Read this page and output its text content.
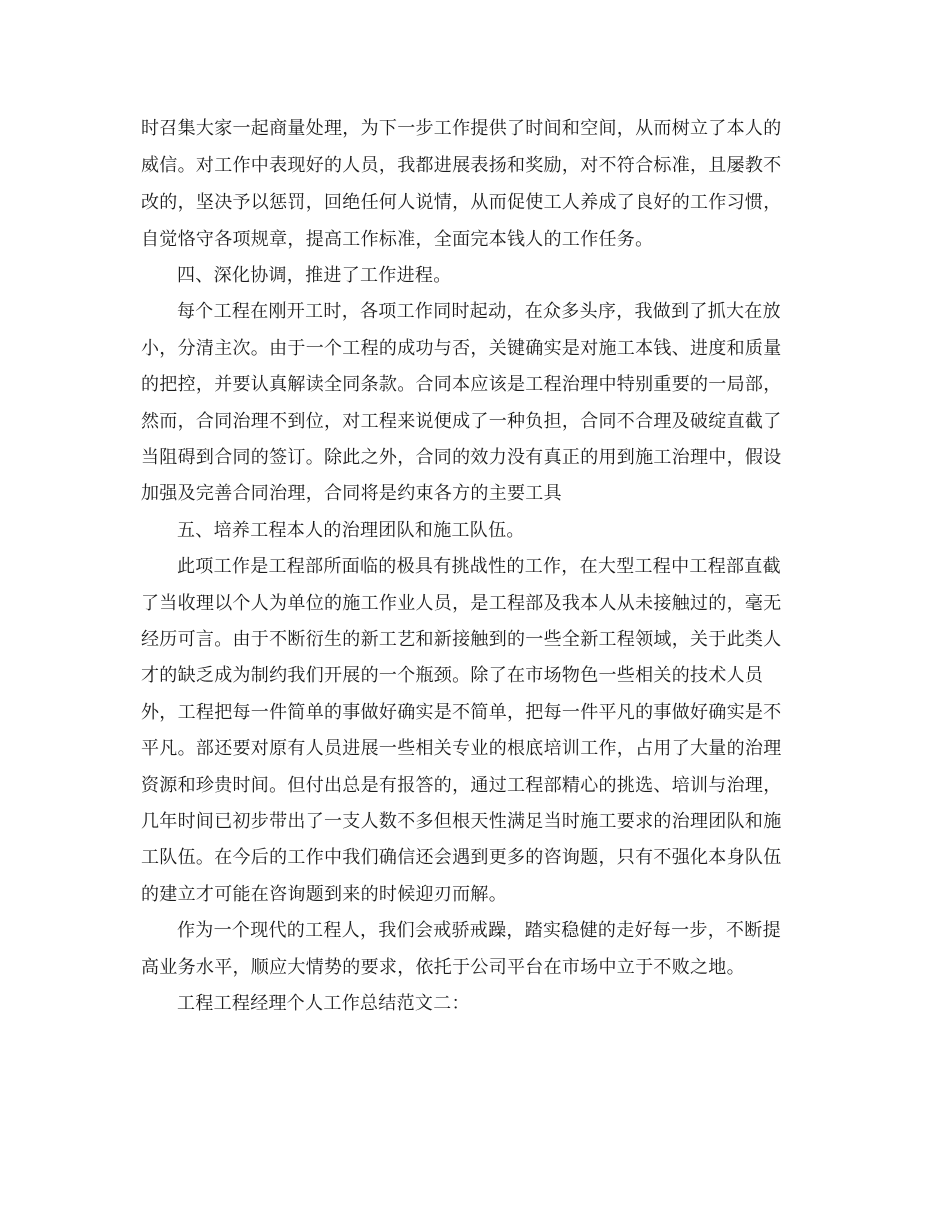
时召集大家一起商量处理，为下一步工作提供了时间和空间，从而树立了本人的

威信。对工作中表现好的人员，我都进展表扬和奖励，对不符合标准，且屡教不

改的，坚决予以惩罚，回绝任何人说情，从而促使工人养成了良好的工作习惯，

自觉恪守各项规章，提高工作标准，全面完本钱人的工作任务。

四、深化协调，推进了工作进程。

每个工程在刚开工时，各项工作同时起动，在众多头序，我做到了抓大在放

小，分清主次。由于一个工程的成功与否，关键确实是对施工本钱、进度和质量

的把控，并要认真解读全同条款。合同本应该是工程治理中特别重要的一局部，

然而，合同治理不到位，对工程来说便成了一种负担，合同不合理及破绽直截了

当阻碍到合同的签订。除此之外，合同的效力没有真正的用到施工治理中，假设

加强及完善合同治理，合同将是约束各方的主要工具

五、培养工程本人的治理团队和施工队伍。

此项工作是工程部所面临的极具有挑战性的工作，在大型工程中工程部直截

了当收理以个人为单位的施工作业人员，是工程部及我本人从未接触过的，毫无

经历可言。由于不断衍生的新工艺和新接触到的一些全新工程领域，关于此类人

才的缺乏成为制约我们开展的一个瓶颈。除了在市场物色一些相关的技术人员

外，工程把每一件简单的事做好确实是不简单，把每一件平凡的事做好确实是不

平凡。部还要对原有人员进展一些相关专业的根底培训工作，占用了大量的治理

资源和珍贵时间。但付出总是有报答的，通过工程部精心的挑选、培训与治理，

几年时间已初步带出了一支人数不多但根天性满足当时施工要求的治理团队和施

工队伍。在今后的工作中我们确信还会遇到更多的咨询题，只有不强化本身队伍

的建立才可能在咨询题到来的时候迎刃而解。

作为一个现代的工程人，我们会戒骄戒躁，踏实稳健的走好每一步，不断提

高业务水平，顺应大情势的要求，依托于公司平台在市场中立于不败之地。

工程工程经理个人工作总结范文二：
